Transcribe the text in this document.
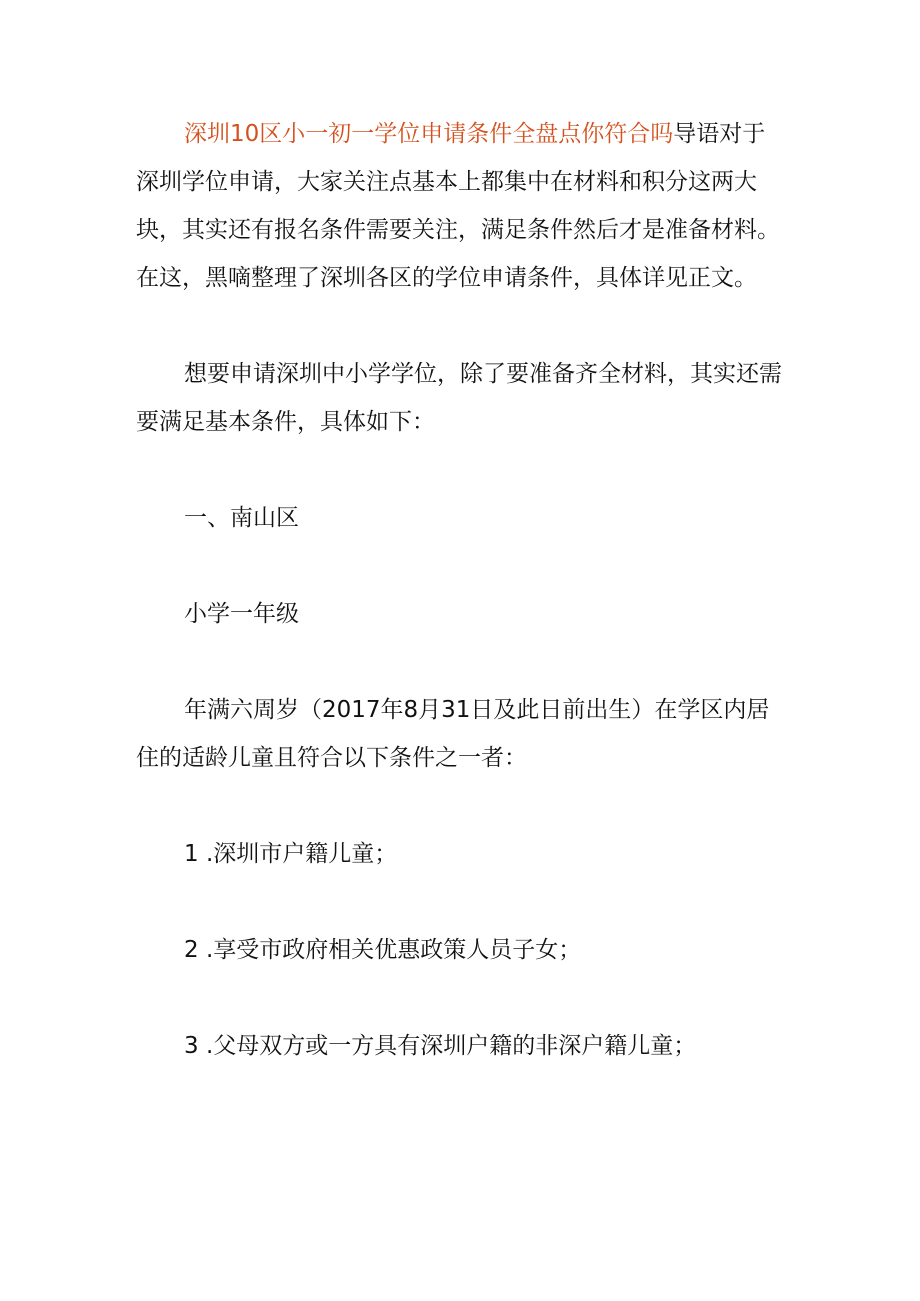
深圳10区小一初一学位申请条件全盘点你符合吗导语对于深圳学位申请，大家关注点基本上都集中在材料和积分这两大块，其实还有报名条件需要关注，满足条件然后才是准备材料。在这，黑嘀整理了深圳各区的学位申请条件，具体详见正文。

想要申请深圳中小学学位，除了要准备齐全材料，其实还需要满足基本条件，具体如下：

一、南山区

小学一年级

年满六周岁（2017年8月31日及此日前出生）在学区内居住的适龄儿童且符合以下条件之一者：

1 .深圳市户籍儿童；

2 .享受市政府相关优惠政策人员子女；

3 .父母双方或一方具有深圳户籍的非深户籍儿童；
